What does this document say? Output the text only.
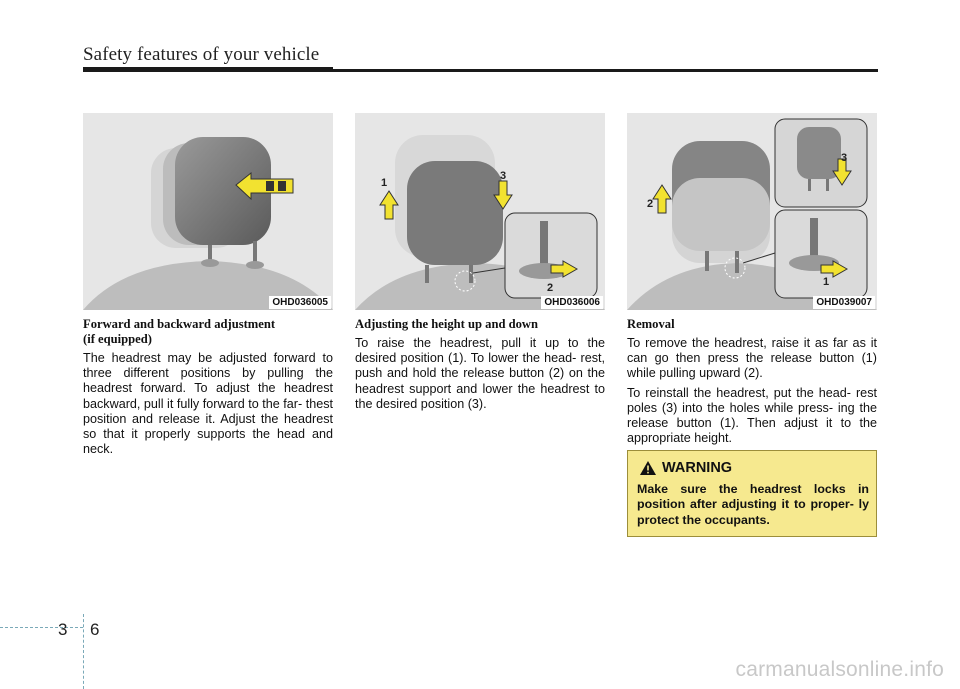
Safety features of your vehicle
OHD036005
1
2
3
OHD036006
2
1
3
OHD039007
Forward and backward adjustment
(if equipped)

The headrest may be adjusted forward to three different positions by pulling the headrest forward. To adjust the headrest backward, pull it fully forward to the far- thest position and release it. Adjust the headrest so that it properly supports the head and neck.

Adjusting the height up and down

To raise the headrest, pull it up to the desired position (1). To lower the head- rest, push and hold the release button (2) on the headrest support and lower the headrest to the desired position (3).

Removal

To remove the headrest, raise it as far as it can go then press the release button (1) while pulling upward (2).

To reinstall the headrest, put the head- rest poles (3) into the holes while press- ing the release button (1). Then adjust it to the appropriate height.

WARNING
Make sure the headrest locks in position after adjusting it to proper- ly protect the occupants.
3 6
carmanualsonline.info
